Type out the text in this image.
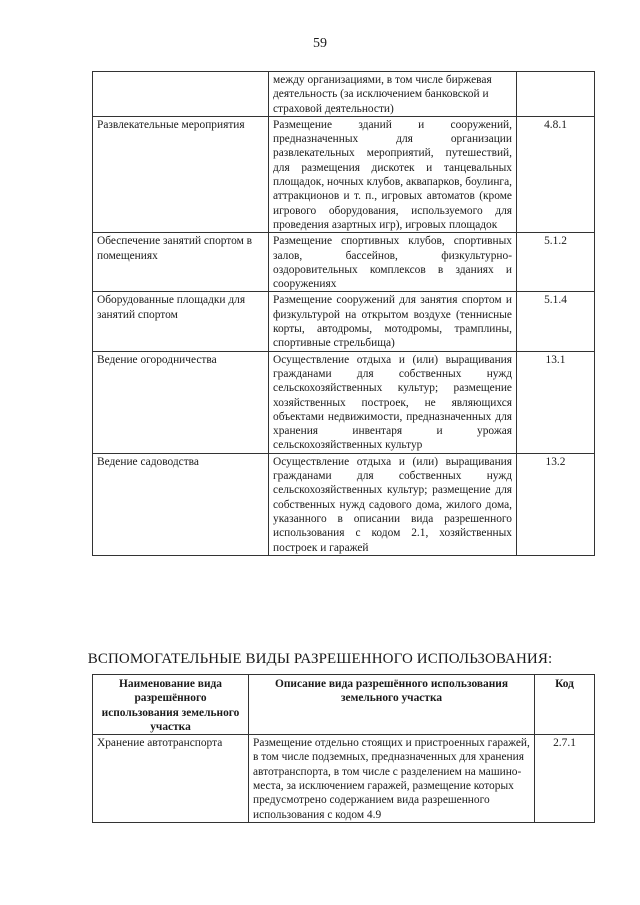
59
	между организациями, в том числе биржевая деятельность (за исключением банковской и страховой деятельности)	
Развлекательные мероприятия	Размещение зданий и сооружений, предназначенных для организации развлекательных мероприятий, путешествий, для размещения дискотек и танцевальных площадок, ночных клубов, аквапарков, боулинга, аттракционов и т. п., игровых автоматов (кроме игрового оборудования, используемого для проведения азартных игр), игровых площадок	4.8.1
Обеспечение занятий спортом в помещениях	Размещение спортивных клубов, спортивных залов, бассейнов, физкультурно-оздоровительных комплексов в зданиях и сооружениях	5.1.2
Оборудованные площадки для занятий спортом	Размещение сооружений для занятия спортом и физкультурой на открытом воздухе (теннисные корты, автодромы, мотодромы, трамплины, спортивные стрельбища)	5.1.4
Ведение огородничества	Осуществление отдыха и (или) выращивания гражданами для собственных нужд сельскохозяйственных культур; размещение хозяйственных построек, не являющихся объектами недвижимости, предназначенных для хранения инвентаря и урожая сельскохозяйственных культур	13.1
Ведение садоводства	Осуществление отдыха и (или) выращивания гражданами для собственных нужд сельскохозяйственных культур; размещение для собственных нужд садового дома, жилого дома, указанного в описании вида разрешенного использования с кодом 2.1, хозяйственных построек и гаражей	13.2
ВСПОМОГАТЕЛЬНЫЕ ВИДЫ РАЗРЕШЕННОГО ИСПОЛЬЗОВАНИЯ:
Наименование вида разрешённого использования земельного участка	Описание вида разрешённого использования земельного участка	Код
Хранение автотранспорта	Размещение отдельно стоящих и пристроенных гаражей, в том числе подземных, предназначенных для хранения автотранспорта, в том числе с разделением на машино-места, за исключением гаражей, размещение которых предусмотрено содержанием вида разрешенного использования с кодом 4.9	2.7.1
